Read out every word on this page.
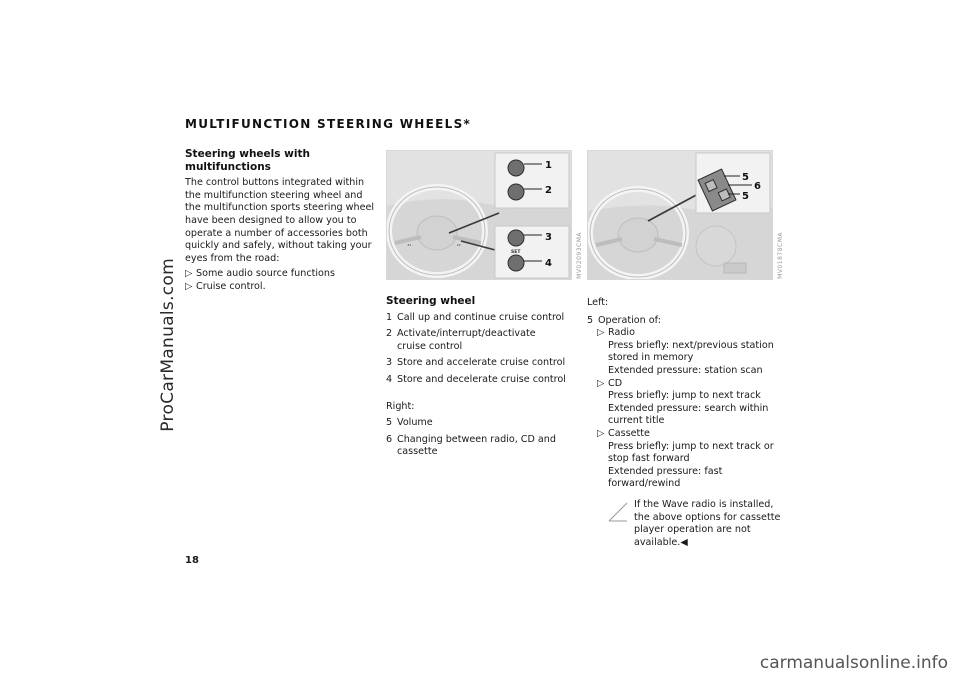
ProCarManuals.com
carmanualsonline.info
MULTIFUNCTION STEERING WHEELS*
Steering wheels with multifunctions

The control buttons integrated within the multifunction steering wheel and the multifunction sports steering wheel have been designed to allow you to operate a number of accessories both quickly and safely, without taking your eyes from the road:

▷ Some audio source functions

▷ Cruise control.

◂◂	▸▸
1
2
3
4
SET	MV02093CMA
5
6
5
MV01878CMA
Steering wheel
1 Call up and continue cruise control
2 Activate/interrupt/deactivate cruise control
3 Store and accelerate cruise control
4 Store and decelerate cruise control

Right:

5 Volume
6 Changing between radio, CD and cassette

Left:

5 Operation of:
▷ Radio
Press briefly: next/previous station stored in memory
Extended pressure: station scan
▷ CD
Press briefly: jump to next track
Extended pressure: search within current title
▷ Cassette
Press briefly: jump to next track or stop fast forward
Extended pressure: fast forward/rewind
If the Wave radio is installed, the above options for cassette player operation are not available.◀
18
